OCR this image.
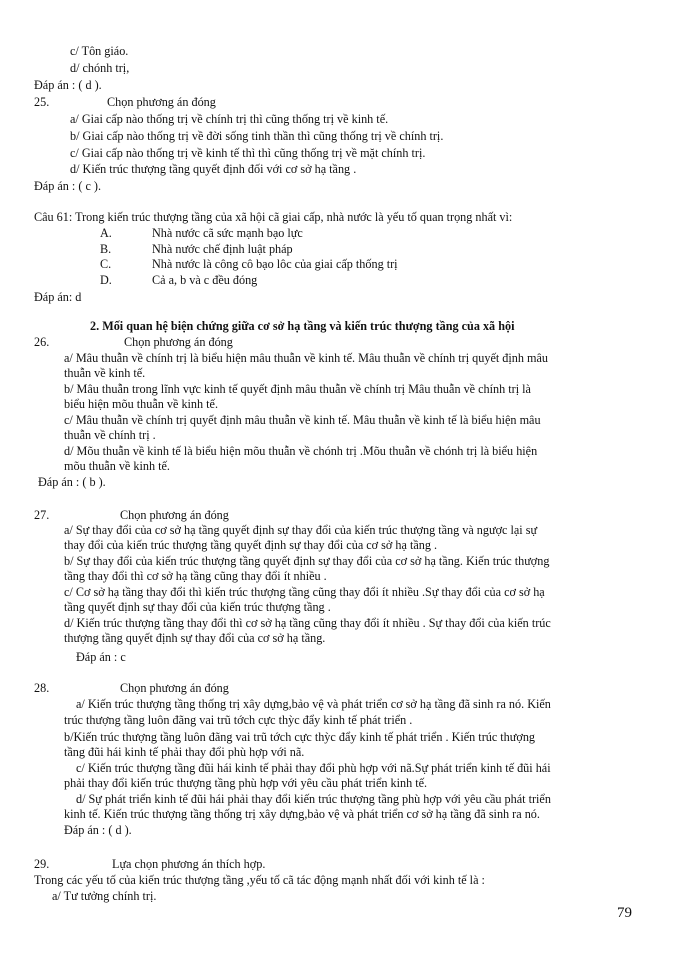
c/ Tôn giáo.
d/ chónh trị,
Đáp án : ( d ).
25.	Chọn phương án đóng
a/ Giai cấp nào thống trị về chính trị thì cũng thống trị về kinh tế.
b/ Giai cấp nào thống trị về đời sống tinh thần thì cũng thống trị về chính trị.
c/ Giai cấp nào thống trị về kinh tế thì thì cũng thống trị về mặt chính trị.
d/ Kiến trúc thượng tầng quyết định đối với cơ sở hạ tầng .
Đáp án : ( c ).
Câu 61: Trong kiến trúc thượng tầng của xã hội cã giai cấp, nhà nước là yếu tố quan trọng nhất vì:
A.	Nhà nước cã sức mạnh bạo lực
B.	Nhà nước chế định luật pháp
C.	Nhà nước là công cô bạo lôc của giai cấp thống trị
D.	Cả a, b và c đều đóng
Đáp án: d
2. Mối quan hệ biện chứng giữa cơ sở hạ tầng và kiến trúc thượng tầng của xã hội
26.	Chọn phương án đóng
a/ Mâu thuẫn về chính trị là biểu hiện mâu thuẫn về kinh tế. Mâu thuẫn về chính trị quyết định mâu
thuẫn về kinh tế.
b/ Mâu thuẫn trong lĩnh vực kinh tế quyết định mâu thuẫn về chính trị Mâu thuẫn về chính trị là
biểu hiện mõu thuẫn về kinh tế.
c/ Mâu thuẫn về chính trị quyết định mâu thuẫn về kinh tế. Mâu thuẫn về kinh tế là biểu hiện mâu
thuẫn về chính trị .
d/ Mõu thuẫn về kinh tế là biểu hiện mõu thuẫn về chónh trị .Mõu thuẫn về chónh trị là biểu hiện
mõu thuẫn về kinh tế.
Đáp án : ( b ).
27.	Chọn phương án đóng
a/ Sự thay đổi của cơ sở hạ tầng quyết định sự thay đổi của kiến trúc thượng tầng và ngược lại sự
thay đổi của kiến trúc thượng tầng quyết định sự thay đổi của cơ sở hạ tầng .
b/ Sự thay đổi của kiến trúc thượng tầng quyết định sự thay đổi của cơ sở hạ tầng. Kiến trúc thượng
tầng thay đổi thì cơ sở hạ tầng cũng thay đổi ít nhiều .
c/ Cơ sở hạ tầng thay đổi thì kiến trúc thượng tầng cũng thay đổi ít nhiều .Sự thay đổi của cơ sở hạ
tầng quyết định sự thay đổi của kiến trúc thượng tầng .
d/ Kiến trúc thượng tầng thay đổi thì cơ sở hạ tầng cũng thay đổi ít nhiều . Sự thay đổi của kiến trúc
thượng tầng quyết định sự thay đổi của cơ sở hạ tầng.
Đáp án : c
28.	Chọn phương án đóng
a/ Kiến trúc thượng tầng thống trị xây dựng,bảo vệ và phát triển cơ sở hạ tầng đã sinh ra nó. Kiến
trúc thượng tầng luôn đãng vai trũ tớch cực thỳc đẩy kinh tế phát triển .
b/Kiến trúc thượng tầng luôn đãng vai trũ tớch cực thỳc đẩy kinh tế phát triển . Kiến trúc thượng
tầng đũi hái kinh tế phải thay đổi phù hợp với nã.
c/ Kiến trúc thượng tầng đũi hái kinh tế phải thay đổi phù hợp với nã.Sự phát triển kinh tế đũi hái
phải thay đổi kiến trúc thượng tầng phù hợp với yêu cầu phát triển kinh tế.
d/ Sự phát triển kinh tế đũi hái phải thay đổi kiến trúc thượng tầng phù hợp với yêu cầu phát triển
kinh tế. Kiến trúc thượng tầng thống trị xây dựng,bảo vệ và phát triển cơ sở hạ tầng đã sinh ra nó.
Đáp án : ( d ).
29.	Lựa chọn phương án thích hợp.
Trong các yếu tố của kiến trúc thượng tầng ,yếu tố cã tác động mạnh nhất đối với kinh tế là :
a/ Tư tưởng chính trị.
79
